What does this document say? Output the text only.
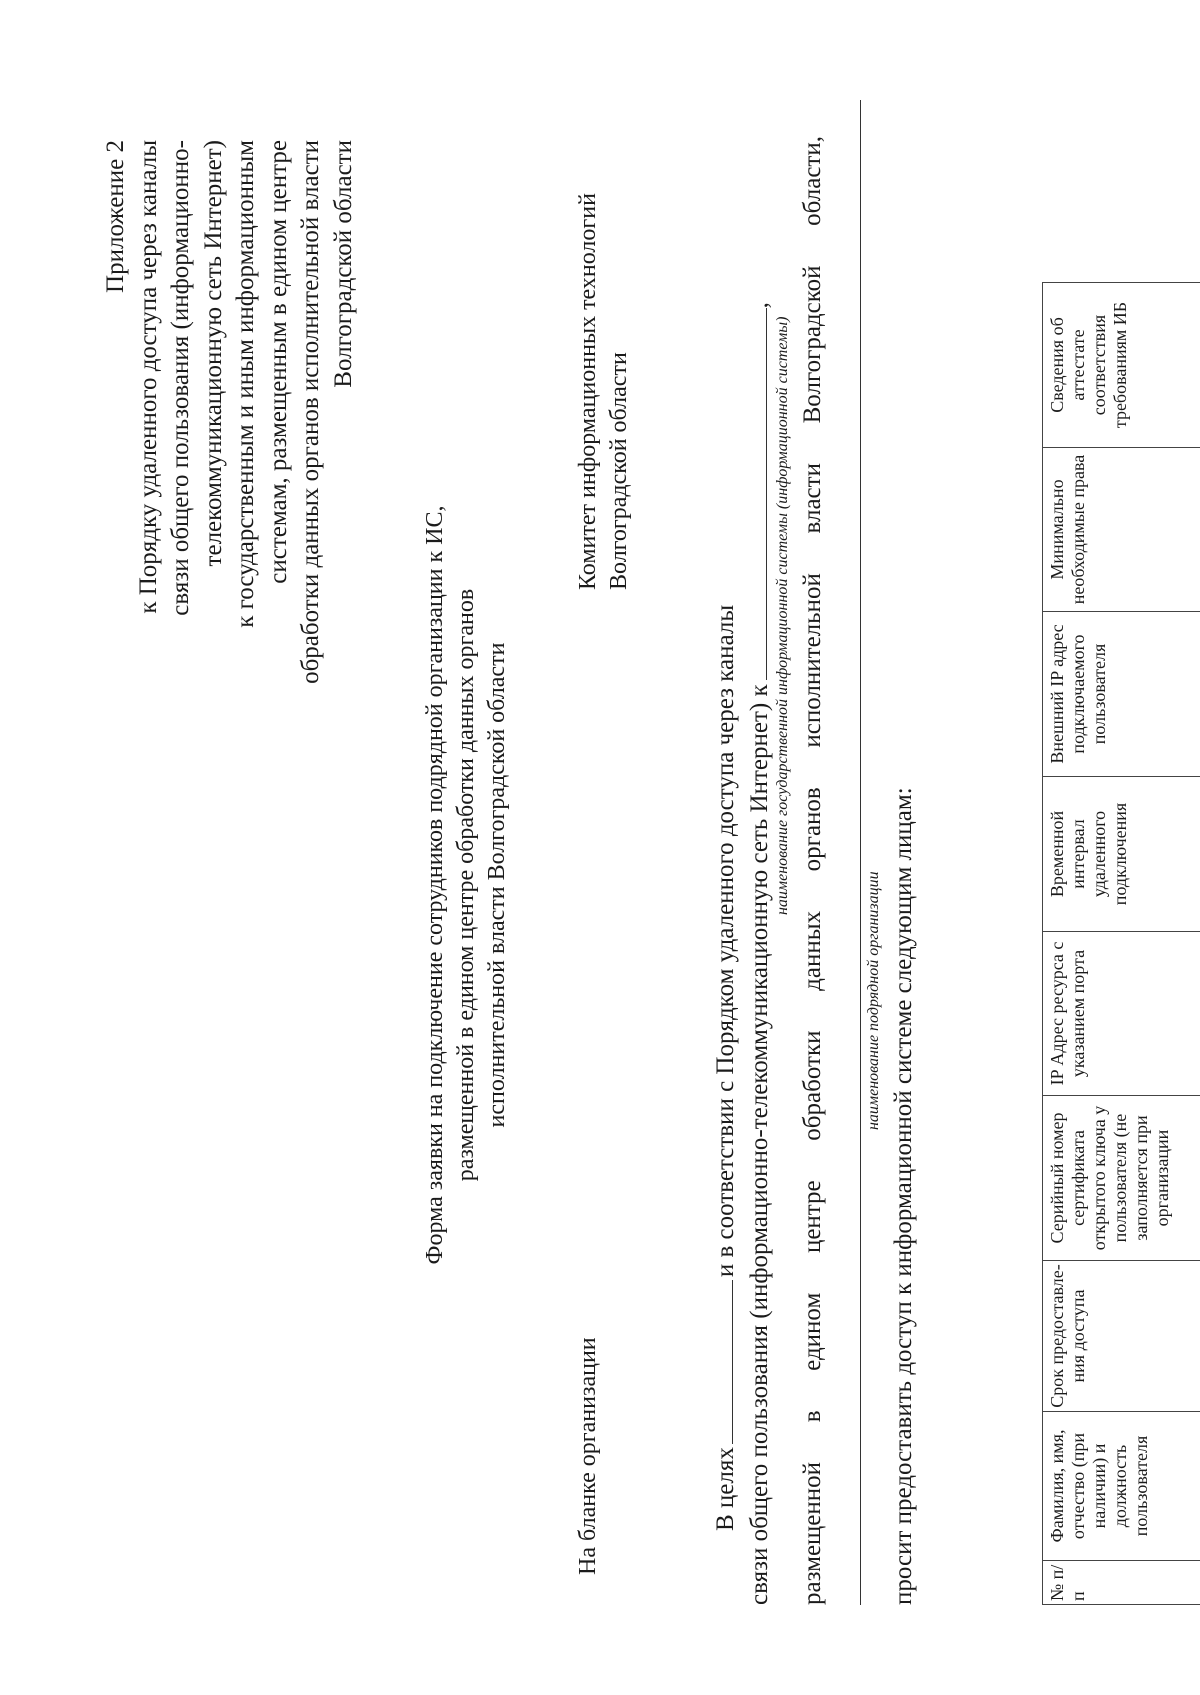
Приложение 2 к Порядку удаленного доступа через каналы связи общего пользования (информационно- телекоммуникационную сеть Интернет) к государственным и иным информационным системам, размещенным в едином центре обработки данных органов исполнительной власти Волгоградской области
Форма заявки на подключение сотрудников подрядной организации к ИС, размещенной в едином центре обработки данных органов исполнительной власти Волгоградской области
На бланке организации
Комитет информационных технологий Волгоградской области
В целяхи в соответствии с Порядком удаленного доступа через каналы связи общего пользования (информационно-телекоммуникационную сеть Интернет) к,
наименование государственной информационной системы (информационной системы)
размещенной
в
едином
центре
обработки
данных
органов
исполнительной
власти
Волгоградской
области,
наименование подрядной организации просит предоставить доступ к информационной системе следующим лицам:	№ п/ п	Фамилия, имя, отчество (при наличии) и должность пользователя	Срок предоставле-ния доступа	Серийный номер сертификата открытого ключа у пользователя (не заполняется при организации	IP Адрес ресурса с указанием порта	Временной интервал удаленного подключения	Внешний IP адрес подключаемого пользователя	Минимально необходимые права	Сведения об аттестате соответствия требованиям ИБ
